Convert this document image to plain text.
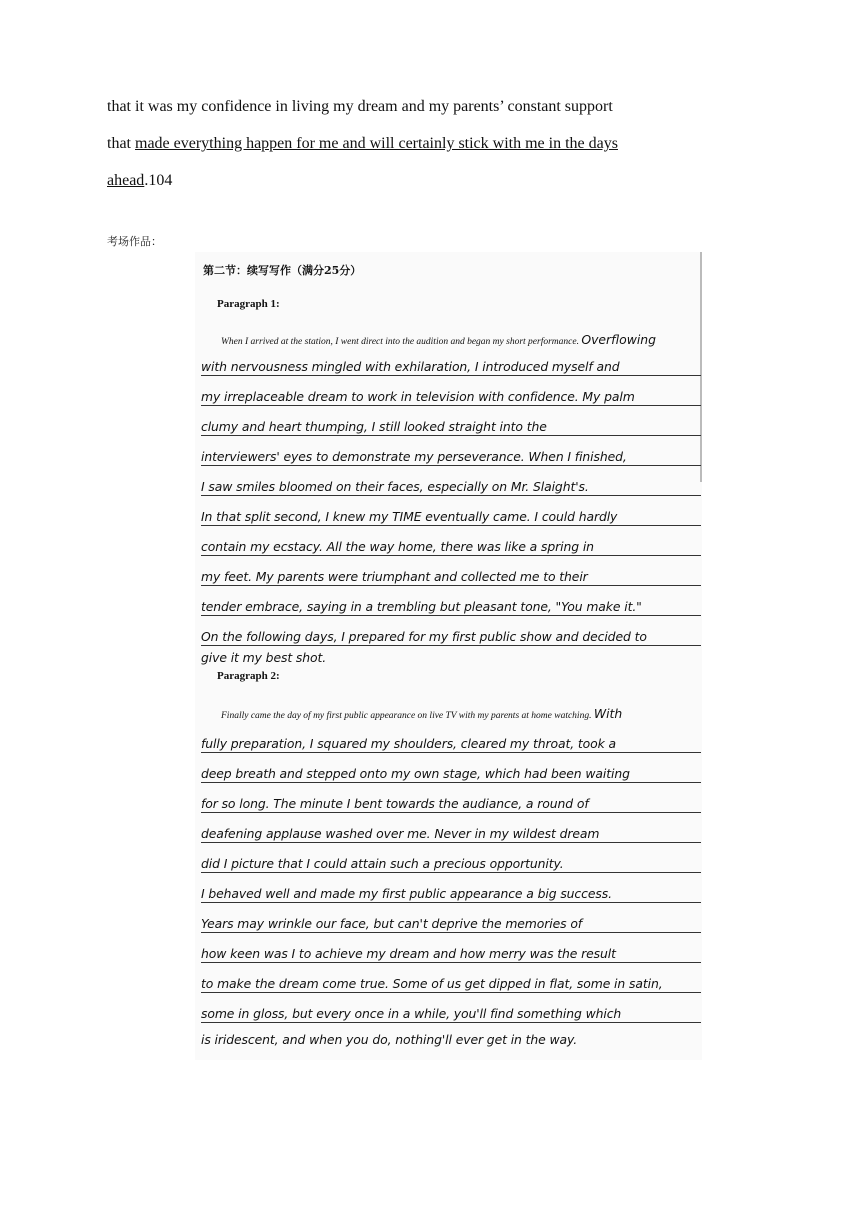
that it was my confidence in living my dream and my parents’ constant support
that made everything happen for me and will certainly stick with me in the days
ahead.104
考场作品：
第二节：续写写作（满分25分）
Paragraph 1:
When I arrived at the station, I went direct into the audition and began my short performance. Overflowing
with nervousness mingled with exhilaration, I introduced myself and
my irreplaceable dream to work in television with confidence. My palm
clumy and heart thumping, I still looked straight into the
interviewers' eyes to demonstrate my perseverance. When I finished,
I saw smiles bloomed on their faces, especially on Mr. Slaight's.
In that split second, I knew my TIME eventually came. I could hardly
contain my ecstacy. All the way home, there was like a spring in
my feet. My parents were triumphant and collected me to their
tender embrace, saying in a trembling but pleasant tone, "You make it."
On the following days, I prepared for my first public show and decided to
give it my best shot.
Paragraph 2:
Finally came the day of my first public appearance on live TV with my parents at home watching. With
fully preparation, I squared my shoulders, cleared my throat, took a
deep breath and stepped onto my own stage, which had been waiting
for so long. The minute I bent towards the audiance, a round of
deafening applause washed over me. Never in my wildest dream
did I picture that I could attain such a precious opportunity.
I behaved well and made my first public appearance a big success.
Years may wrinkle our face, but can't deprive the memories of
how keen was I to achieve my dream and how merry was the result
to make the dream come true. Some of us get dipped in flat, some in satin,
some in gloss, but every once in a while, you'll find something which
is iridescent, and when you do, nothing'll ever get in the way.
